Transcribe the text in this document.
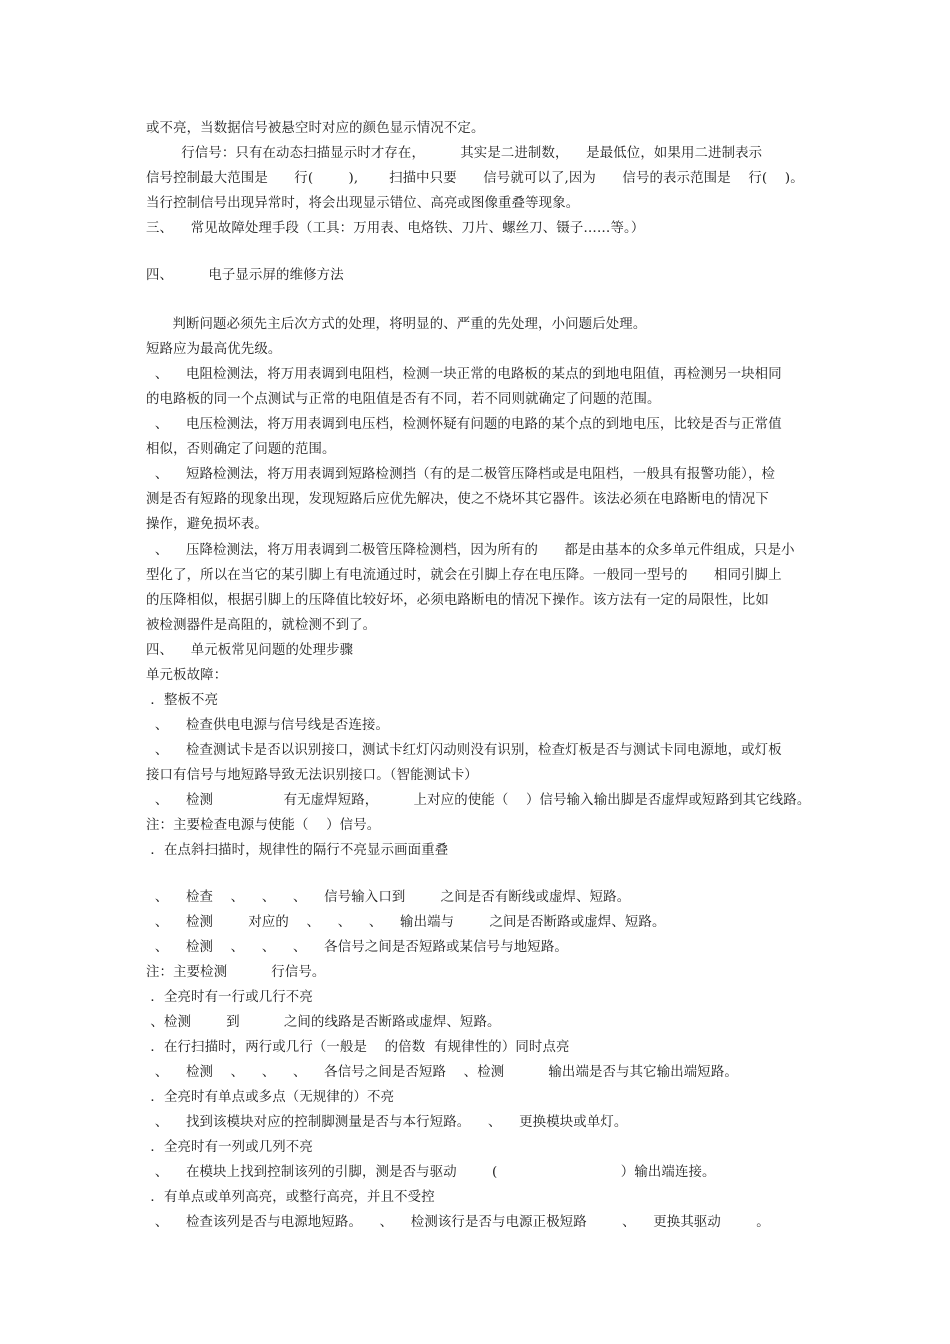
或不亮，当数据信号被悬空时对应的颜色显示情况不定。
行信号：只有在动态扫描显示时才存在，        其实是二进制数，    是最低位，如果用二进制表示
信号控制最大范围是      行(        ),       扫描中只要      信号就可以了,因为      信号的表示范围是    行(    )。
当行控制信号出现异常时，将会出现显示错位、高亮或图像重叠等现象。
三、    常见故障处理手段（工具：万用表、电烙铁、刀片、螺丝刀、镊子……等。）
四、        电子显示屏的维修方法
判断问题必须先主后次方式的处理，将明显的、严重的先处理，小问题后处理。
短路应为最高优先级。
、    电阻检测法，将万用表调到电阻档，检测一块正常的电路板的某点的到地电阻值，再检测另一块相同
的电路板的同一个点测试与正常的电阻值是否有不同，若不同则就确定了问题的范围。
、    电压检测法，将万用表调到电压档，检测怀疑有问题的电路的某个点的到地电压，比较是否与正常值
相似，否则确定了问题的范围。
、    短路检测法，将万用表调到短路检测挡（有的是二极管压降档或是电阻档，一般具有报警功能），检
测是否有短路的现象出现，发现短路后应优先解决，使之不烧坏其它器件。该法必须在电路断电的情况下
操作，避免损坏表。
、    压降检测法，将万用表调到二极管压降检测档，因为所有的      都是由基本的众多单元件组成，只是小
型化了，所以在当它的某引脚上有电流通过时，就会在引脚上存在电压降。一般同一型号的      相同引脚上
的压降相似，根据引脚上的压降值比较好坏，必须电路断电的情况下操作。该方法有一定的局限性，比如
被检测器件是高阻的，就检测不到了。
四、    单元板常见问题的处理步骤
单元板故障：
．整板不亮
、    检查供电电源与信号线是否连接。
、    检查测试卡是否以识别接口，测试卡红灯闪动则没有识别，检查灯板是否与测试卡同电源地，或灯板
接口有信号与地短路导致无法识别接口。（智能测试卡）
、    检测                有无虚焊短路，        上对应的使能（    ）信号输入输出脚是否虚焊或短路到其它线路。
注：主要检查电源与使能（    ）信号。
．在点斜扫描时，规律性的隔行不亮显示画面重叠
、    检查    、    、    、    信号输入口到        之间是否有断线或虚焊、短路。
、    检测        对应的    、    、    、    输出端与        之间是否断路或虚焊、短路。
、    检测    、    、    、    各信号之间是否短路或某信号与地短路。
注：主要检测          行信号。
．全亮时有一行或几行不亮
、检测        到          之间的线路是否断路或虚焊、短路。
．在行扫描时，两行或几行（一般是    的倍数  有规律性的）同时点亮
、    检测    、    、    、    各信号之间是否短路    、检测          输出端是否与其它输出端短路。
．全亮时有单点或多点（无规律的）不亮
、    找到该模块对应的控制脚测量是否与本行短路。    、    更换模块或单灯。
．全亮时有一列或几列不亮
、    在模块上找到控制该列的引脚，测是否与驱动        (                            ）输出端连接。
．有单点或单列高亮，或整行高亮，并且不受控
、    检查该列是否与电源地短路。    、    检测该行是否与电源正极短路        、    更换其驱动        。
